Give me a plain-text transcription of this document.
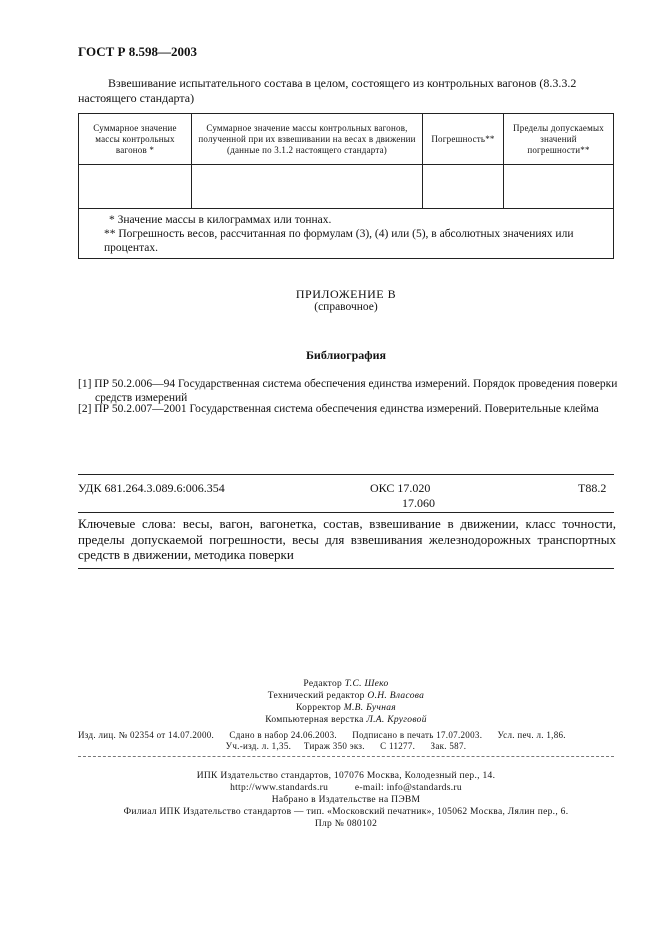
ГОСТ Р 8.598—2003
Взвешивание испытательного состава в целом, состоящего из контрольных вагонов (8.3.3.2 настоящего стандарта)
Суммарное значение массы контрольных вагонов *	Суммарное значение массы контрольных вагонов, полученной при их взвешивании на весах в движении (данные по 3.1.2 настоящего стандарта)	Погрешность**	Пределы допускаемых значений погрешности**

* Значение массы в килограммах или тоннах.
** Погрешность весов, рассчитанная по формулам (3), (4) или (5), в абсолютных значениях или процентах.			
ПРИЛОЖЕНИЕ В
(справочное)
Библиография
[1] ПР 50.2.006—94 Государственная система обеспечения единства измерений. Порядок проведения поверки
средств измерений
[2] ПР 50.2.007—2001 Государственная система обеспечения единства измерений. Поверительные клейма
УДК 681.264.3.089.6:006.354	ОКС 17.020
17.060
Т88.2
Ключевые слова: весы, вагон, вагонетка, состав, взвешивание в движении, класс точности, пределы допускаемой погрешности, весы для взвешивания железнодорожных транспортных средств в движении, методика поверки
Редактор Т.С. Шеко
Технический редактор О.Н. Власова
Корректор М.В. Бучная
Компьютерная верстка Л.А. Круговой
Изд. лиц. № 02354 от 14.07.2000.      Сдано в набор 24.06.2003.      Подписано в печать 17.07.2003.      Усл. печ. л. 1,86.
Уч.-изд. л. 1,35.     Тираж 350 экз.      С 11277.      Зак. 587.
ИПК Издательство стандартов, 107076 Москва, Колодезный пер., 14.
http://www.standards.ru          e-mail: info@standards.ru
Набрано в Издательстве на ПЭВМ
Филиал ИПК Издательство стандартов — тип. «Московский печатник», 105062 Москва, Лялин пер., 6.
Плр № 080102
